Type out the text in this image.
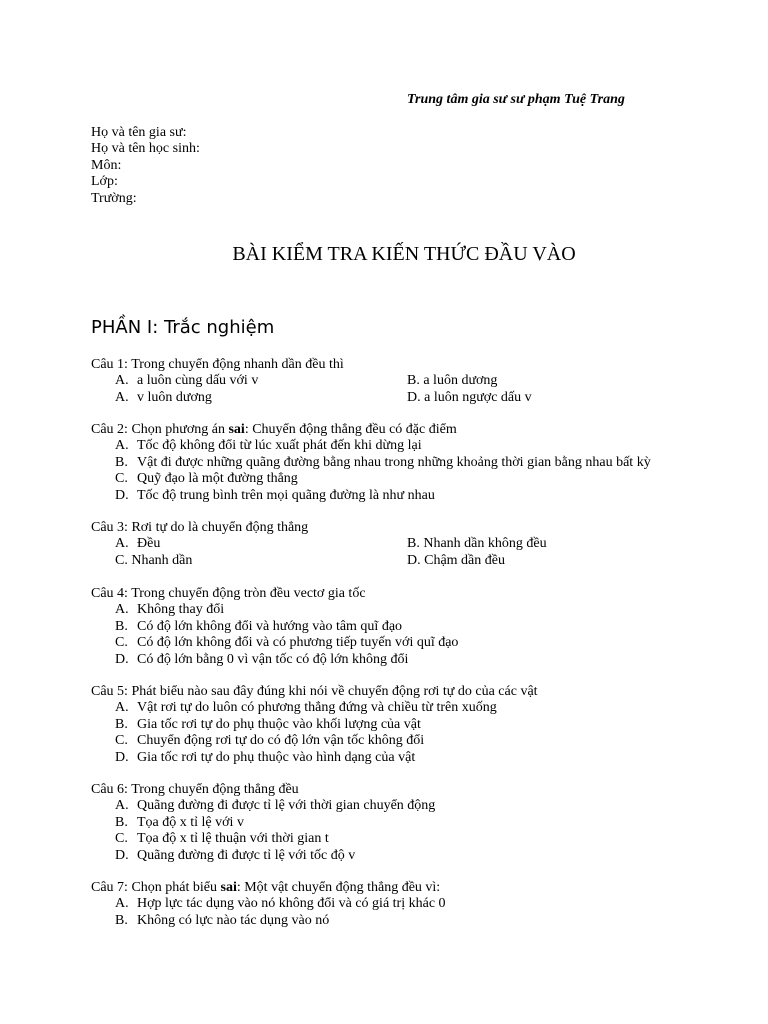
Trung tâm gia sư sư phạm Tuệ Trang
Họ và tên gia sư:
Họ và tên học sinh:
Môn:
Lớp:
Trường:
BÀI KIỂM TRA KIẾN THỨC ĐẦU VÀO
PHẦN I: Trắc nghiệm
Câu 1: Trong chuyển động nhanh dần đều thì
A. a luôn cùng dấu với v	B. a luôn dương
A. v luôn dương	D. a luôn ngược dấu v
Câu 2: Chọn phương án sai: Chuyển động thẳng đều có đặc điểm
A. Tốc độ không đổi từ lúc xuất phát đến khi dừng lại
B. Vật đi được những quãng đường bằng nhau trong những khoảng thời gian bằng nhau bất kỳ
C. Quỹ đạo là một đường thẳng
D. Tốc độ trung bình trên mọi quãng đường là như nhau
Câu 3: Rơi tự do là chuyển động thẳng
A. Đều	B. Nhanh dần không đều
C. Nhanh dần	D. Chậm dần đều
Câu 4: Trong chuyển động tròn đều vectơ gia tốc
A. Không thay đổi
B. Có độ lớn không đổi và hướng vào tâm quĩ đạo
C. Có độ lớn không đổi và có phương tiếp tuyến với quĩ đạo
D. Có độ lớn bằng 0 vì vận tốc có độ lớn không đổi
Câu 5: Phát biểu nào sau đây đúng khi nói về chuyển động rơi tự do của các vật
A. Vật rơi tự do luôn có phương thẳng đứng và chiều từ trên xuống
B. Gia tốc rơi tự do phụ thuộc vào khối lượng của vật
C. Chuyển động rơi tự do có độ lớn vận tốc không đổi
D. Gia tốc rơi tự do phụ thuộc vào hình dạng của vật
Câu 6: Trong chuyển động thẳng đều
A. Quãng đường đi được tỉ lệ với thời gian chuyển động
B. Tọa độ x tỉ lệ với v
C. Tọa độ x tỉ lệ thuận với thời gian t
D. Quãng đường đi được tỉ lệ với tốc độ v
Câu 7: Chọn phát biểu sai: Một vật chuyển động thẳng đều vì:
A. Hợp lực tác dụng vào nó không đổi và có giá trị khác 0
B. Không có lực nào tác dụng vào nó
